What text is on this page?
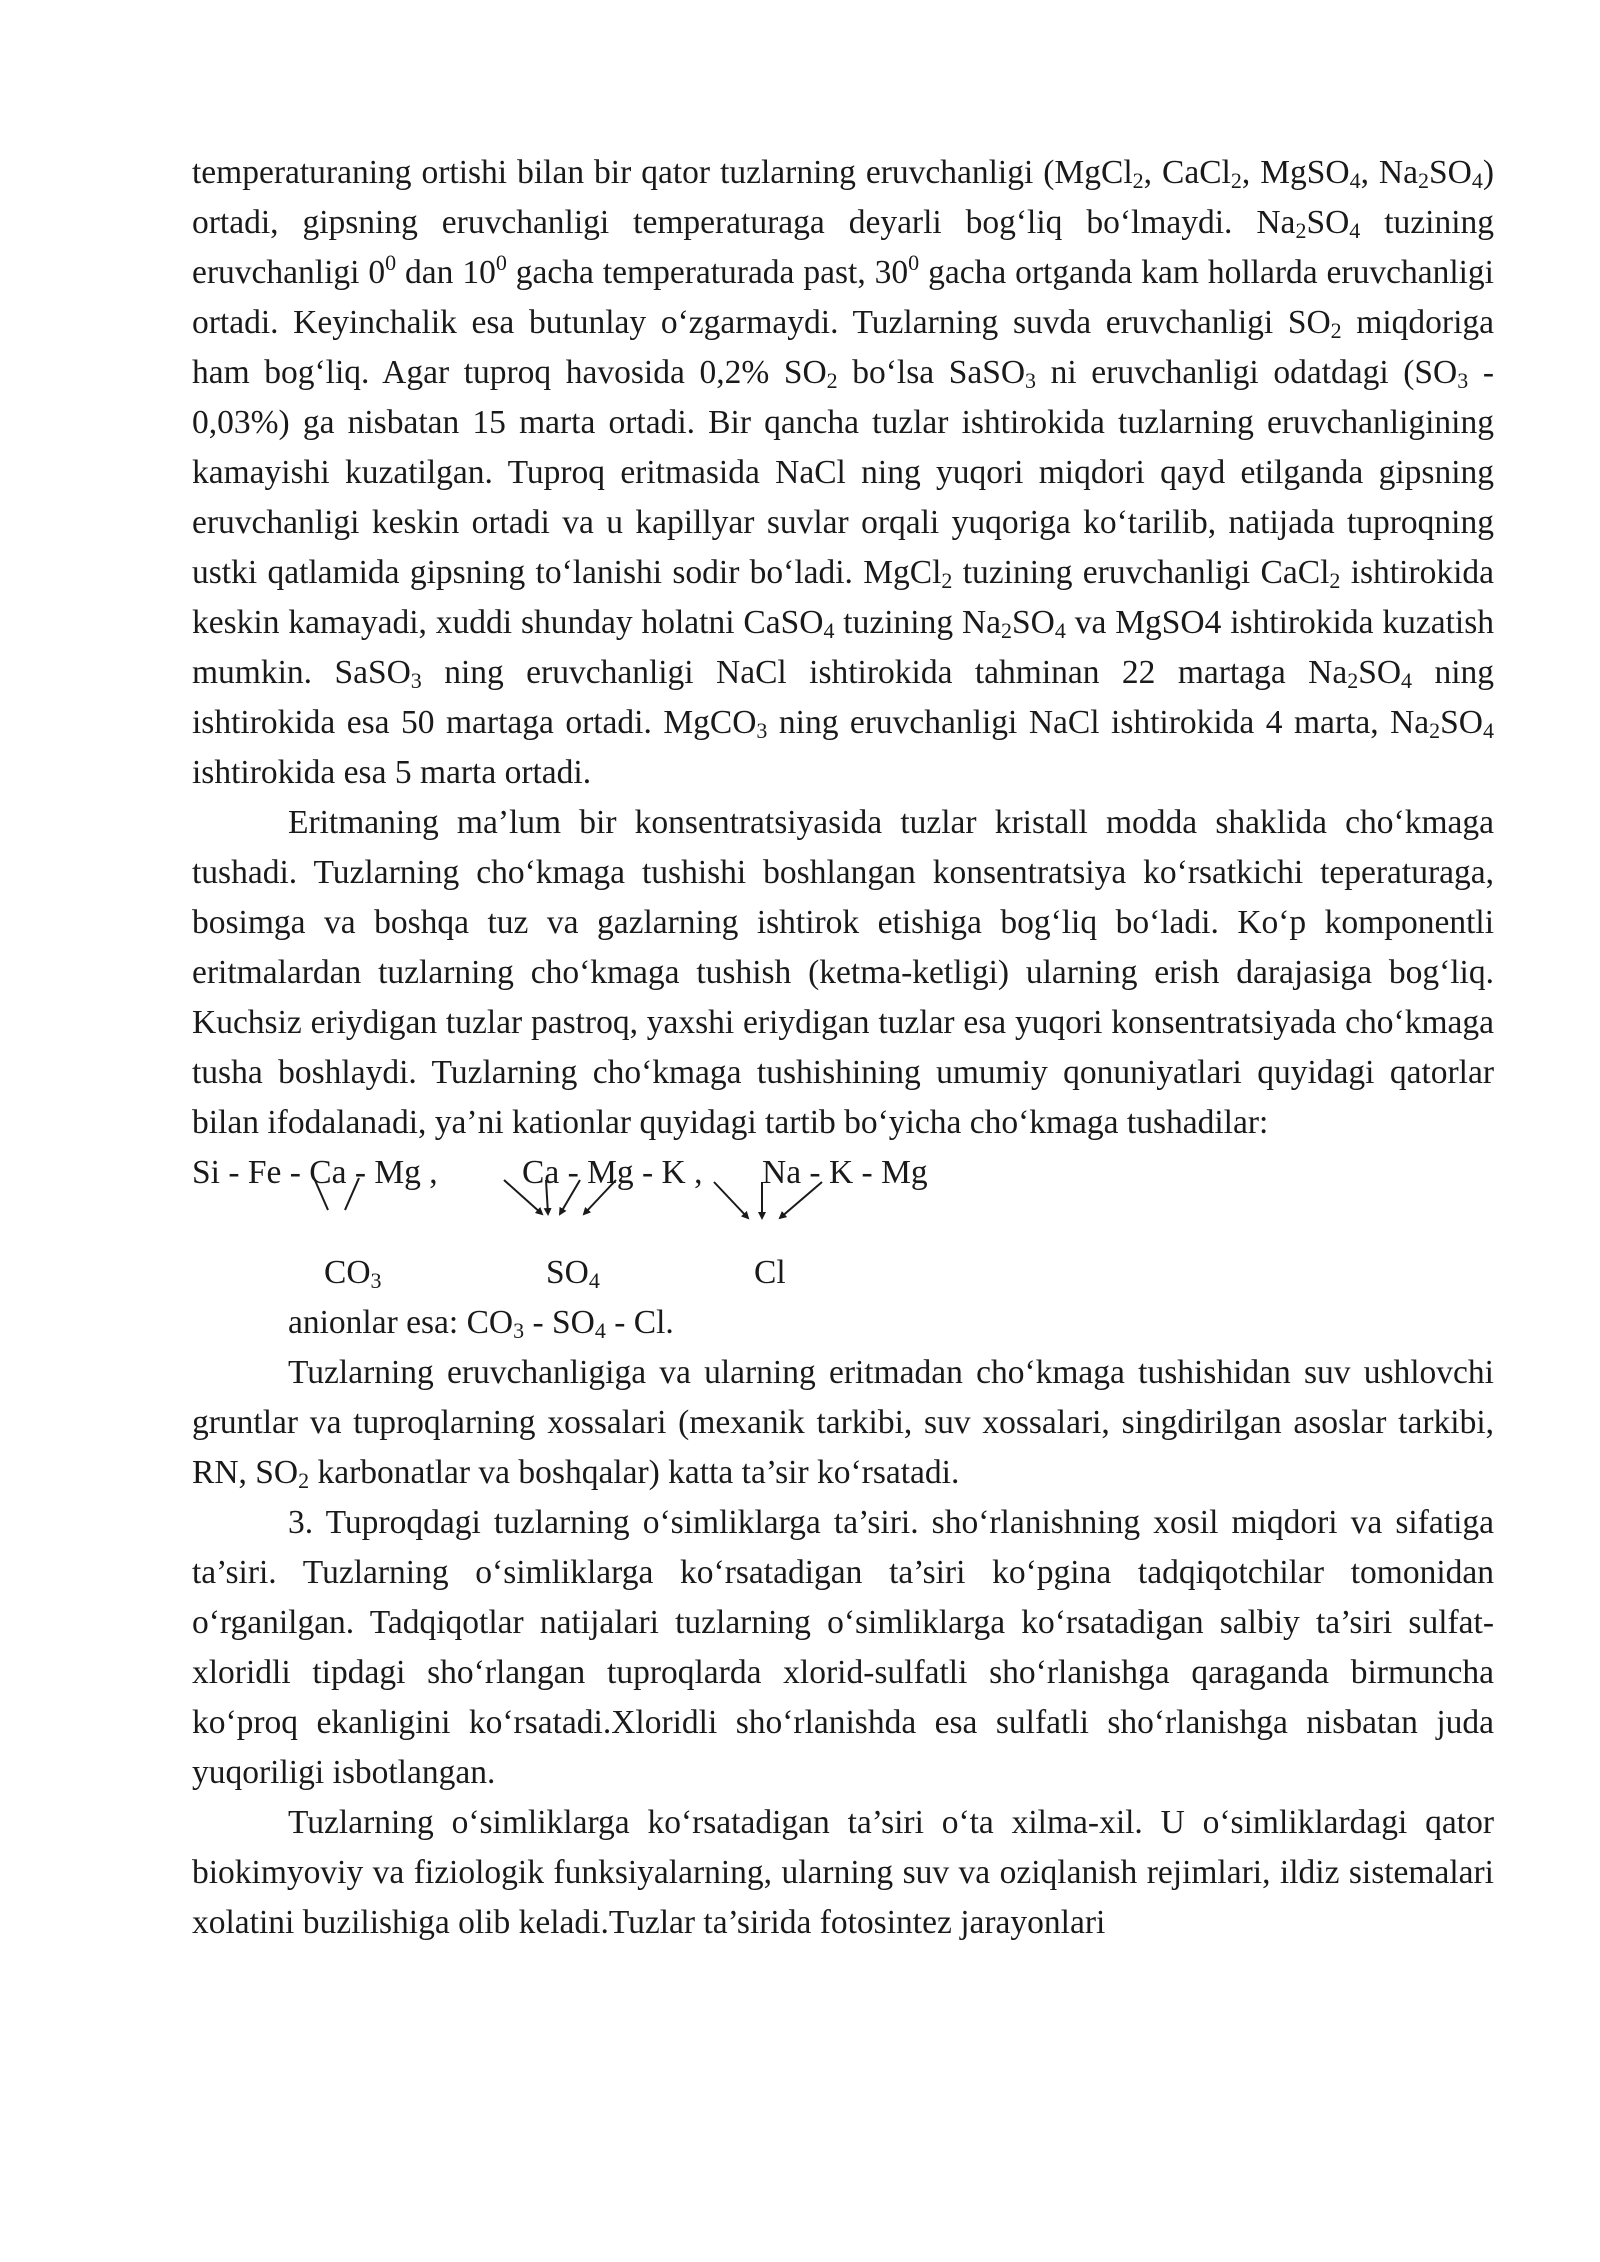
temperaturaning ortishi bilan bir qator tuzlarning eruvchanligi (MgCl$_2$, CaCl$_2$, MgSO$_4$, $Na_2SO_4$) ortadi, gipsning eruvchanligi temperaturaga deyarli bog‘liq bo‘lmaydi. $Na_2SO_4$ tuzining eruvchanligi $0^0$ dan $10^0$ gacha temperaturada past, $30^0$ gacha ortganda kam hollarda eruvchanligi ortadi. Keyinchalik esa butunlay o‘zgarmaydi. Tuzlarning suvda eruvchanligi $SO_2$ miqdoriga ham bog‘liq. Agar tuproq havosida 0,2% $SO_2$ bo‘lsa SaSO$_3$ ni eruvchanligi odatdagi $(SO_3 - 0,03\%)$ ga nisbatan 15 marta ortadi. Bir qancha tuzlar ishtirokida tuzlarning eruvchanligining kamayishi kuzatilgan. Tuproq eritmasida NaCl ning yuqori miqdori qayd etilganda gipsning eruvchanligi keskin ortadi va u kapillyar suvlar orqali yuqoriga ko‘tarilib, natijada tuproqning ustki qatlamida gipsning to‘lanishi sodir bo‘ladi. MgCl$_2$ tuzining eruvchanligi CaCl$_2$ ishtirokida keskin kamayadi, xuddi shunday holatni CaSO$_4$ tuzining $Na_2SO_4$ va MgSO4 ishtirokida kuzatish mumkin. SaSO$_3$ ning eruvchanligi NaCl ishtirokida tahminan 22 martaga $Na_2SO_4$ ning ishtirokida esa 50 martaga ortadi. MgCO$_3$ ning eruvchanligi NaCl ishtirokida 4 marta, $Na_2SO_4$ ishtirokida esa 5 marta ortadi.

Eritmaning ma’lum bir konsentratsiyasida tuzlar kristall modda shaklida cho‘kmaga tushadi. Tuzlarning cho‘kmaga tushishi boshlangan konsentratsiya ko‘rsatkichi teperaturaga, bosimga va boshqa tuz va gazlarning ishtirok etishiga bog‘liq bo‘ladi. Ko‘p komponentli eritmalardan tuzlarning cho‘kmaga tushish (ketma-ketligi) ularning erish darajasiga bog‘liq. Kuchsiz eriydigan tuzlar pastroq, yaxshi eriydigan tuzlar esa yuqori konsentratsiyada cho‘kmaga tusha boshlaydi. Tuzlarning cho‘kmaga tushishining umumiy qonuniyatlari quyidagi qatorlar bilan ifodalanadi, ya’ni kationlar quyidagi tartib bo‘yicha cho‘kmaga tushadilar:

Si - Fe - Ca - Mg ,	Ca - Mg - K , Na - K - Mg
$CO_3$	$SO_4$	Cl

anionlar esa: $CO_3 - SO_4$ - Cl.

Tuzlarning eruvchanligiga va ularning eritmadan cho‘kmaga tushishidan suv ushlovchi gruntlar va tuproqlarning xossalari (mexanik tarkibi, suv xossalari, singdirilgan asoslar tarkibi, RN, $SO_2$ karbonatlar va boshqalar) katta ta’sir ko‘rsatadi.

3. Tuproqdagi tuzlarning o‘simliklarga ta’siri. sho‘rlanishning xosil miqdori va sifatiga ta’siri. Tuzlarning o‘simliklarga ko‘rsatadigan ta’siri ko‘pgina tadqiqotchilar tomonidan o‘rganilgan. Tadqiqotlar natijalari tuzlarning o‘simliklarga ko‘rsatadigan salbiy ta’siri sulfat-xloridli tipdagi sho‘rlangan tuproqlarda xlorid-sulfatli sho‘rlanishga qaraganda birmuncha ko‘proq ekanligini ko‘rsatadi.Xloridli sho‘rlanishda esa sulfatli sho‘rlanishga nisbatan juda yuqoriligi isbotlangan.

Tuzlarning o‘simliklarga ko‘rsatadigan ta’siri o‘ta xilma-xil. U o‘simliklardagi qator biokimyoviy va fiziologik funksiyalarning, ularning suv va oziqlanish rejimlari, ildiz sistemalari xolatini buzilishiga olib keladi.Tuzlar ta’sirida fotosintez jarayonlari
